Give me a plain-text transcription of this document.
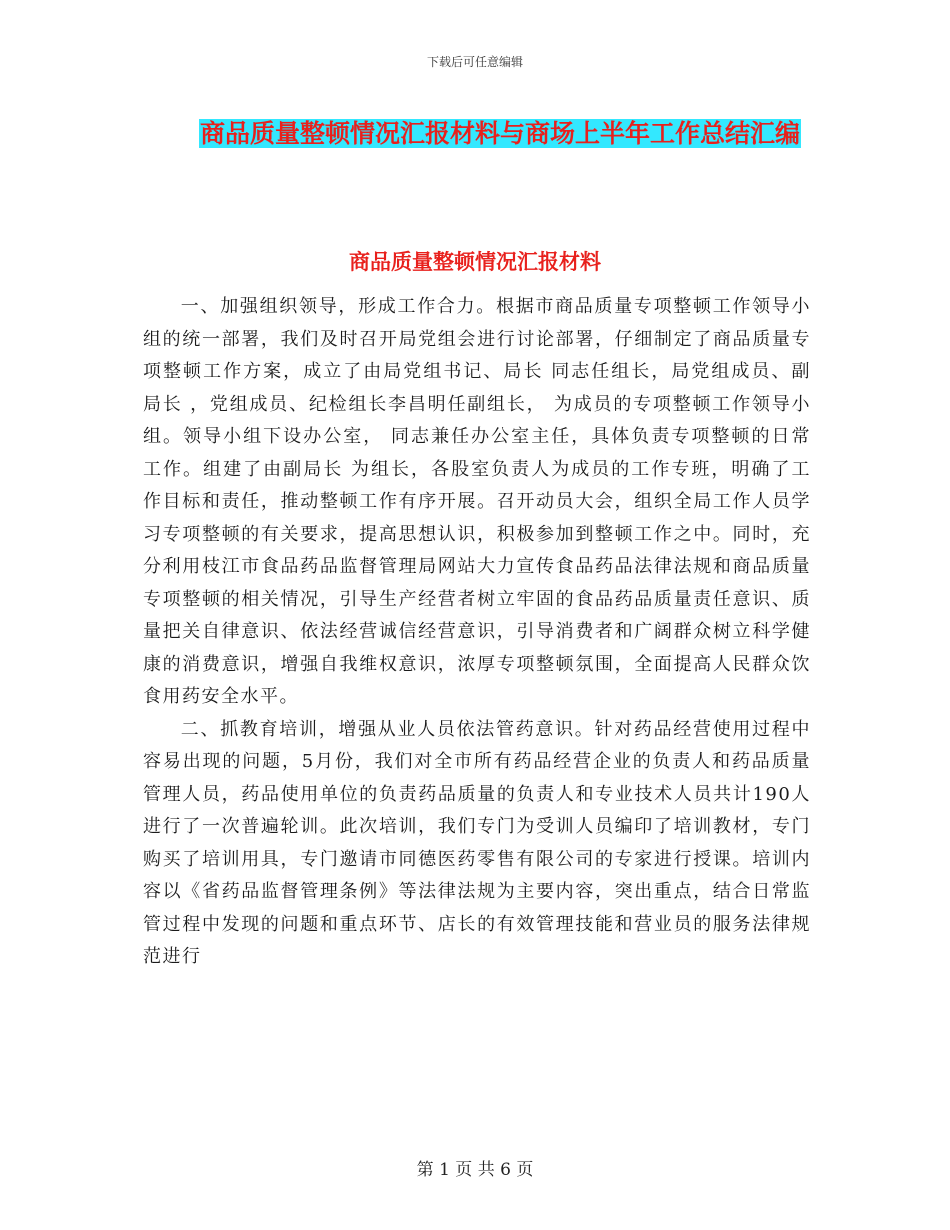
下载后可任意编辑
商品质量整顿情况汇报材料与商场上半年工作总结汇编
商品质量整顿情况汇报材料

一、加强组织领导，形成工作合力。根据市商品质量专项整顿工作领导小组的统一部署，我们及时召开局党组会进行讨论部署，仔细制定了商品质量专项整顿工作方案，成立了由局党组书记、局长 同志任组长，局党组成员、副局长 ，党组成员、纪检组长李昌明任副组长， 为成员的专项整顿工作领导小组。领导小组下设办公室， 同志兼任办公室主任，具体负责专项整顿的日常工作。组建了由副局长 为组长，各股室负责人为成员的工作专班，明确了工作目标和责任，推动整顿工作有序开展。召开动员大会，组织全局工作人员学习专项整顿的有关要求，提高思想认识，积极参加到整顿工作之中。同时，充分利用枝江市食品药品监督管理局网站大力宣传食品药品法律法规和商品质量专项整顿的相关情况，引导生产经营者树立牢固的食品药品质量责任意识、质量把关自律意识、依法经营诚信经营意识，引导消费者和广阔群众树立科学健康的消费意识，增强自我维权意识，浓厚专项整顿氛围，全面提高人民群众饮食用药安全水平。

二、抓教育培训，增强从业人员依法管药意识。针对药品经营使用过程中容易出现的问题，5月份，我们对全市所有药品经营企业的负责人和药品质量管理人员，药品使用单位的负责药品质量的负责人和专业技术人员共计190人进行了一次普遍轮训。此次培训，我们专门为受训人员编印了培训教材，专门购买了培训用具，专门邀请市同德医药零售有限公司的专家进行授课。培训内容以《省药品监督管理条例》等法律法规为主要内容，突出重点，结合日常监管过程中发现的问题和重点环节、店长的有效管理技能和营业员的服务法律规范进行

第 1 页 共 6 页
